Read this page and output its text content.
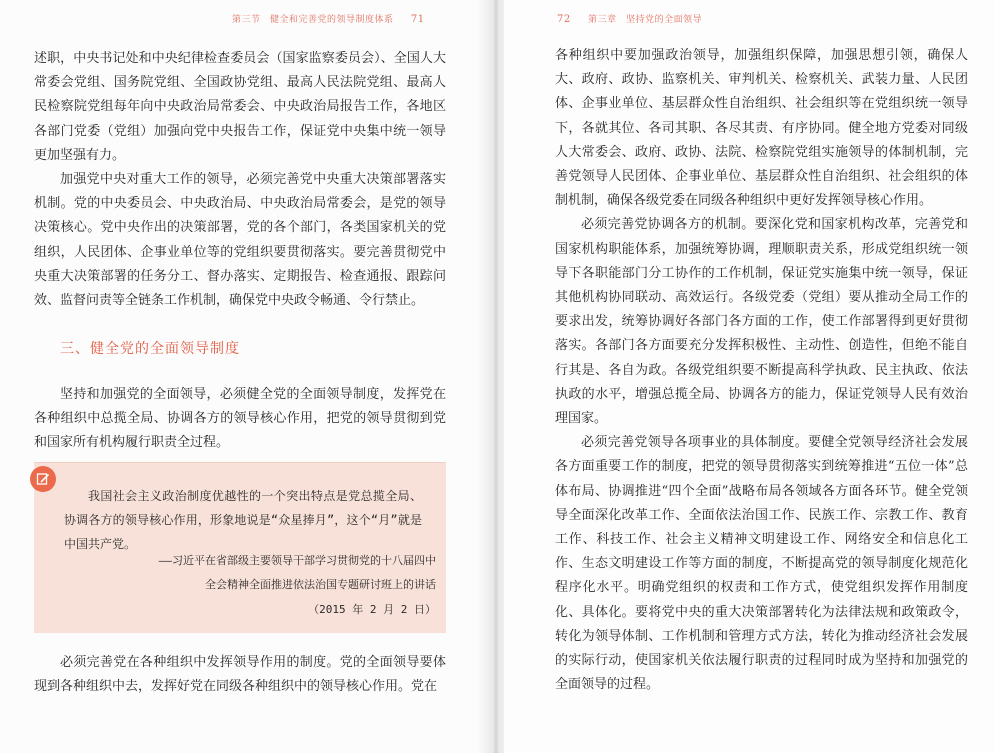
第三节　健全和完善党的领导制度体系 71

述职，中央书记处和中央纪律检查委员会（国家监察委员会）、全国人大常委会党组、国务院党组、全国政协党组、最高人民法院党组、最高人民检察院党组每年向中央政治局常委会、中央政治局报告工作，各地区各部门党委（党组）加强向党中央报告工作，保证党中央集中统一领导更加坚强有力。

加强党中央对重大工作的领导，必须完善党中央重大决策部署落实机制。党的中央委员会、中央政治局、中央政治局常委会，是党的领导决策核心。党中央作出的决策部署，党的各个部门，各类国家机关的党组织，人民团体、企事业单位等的党组织要贯彻落实。要完善贯彻党中央重大决策部署的任务分工、督办落实、定期报告、检查通报、跟踪问效、监督问责等全链条工作机制，确保党中央政令畅通、令行禁止。

三、健全党的全面领导制度

坚持和加强党的全面领导，必须健全党的全面领导制度，发挥党在各种组织中总揽全局、协调各方的领导核心作用，把党的领导贯彻到党和国家所有机构履行职责全过程。

我国社会主义政治制度优越性的一个突出特点是党总揽全局、协调各方的领导核心作用，形象地说是“众星捧月”，这个“月”就是中国共产党。
——习近平在省部级主要领导干部学习贯彻党的十八届四中
全会精神全面推进依法治国专题研讨班上的讲话
（2015 年 2 月 2 日）

必须完善党在各种组织中发挥领导作用的制度。党的全面领导要体现到各种组织中去，发挥好党在同级各种组织中的领导核心作用。党在

72 第三章　坚持党的全面领导

各种组织中要加强政治领导，加强组织保障，加强思想引领，确保人大、政府、政协、监察机关、审判机关、检察机关、武装力量、人民团体、企事业单位、基层群众性自治组织、社会组织等在党组织统一领导下，各就其位、各司其职、各尽其责、有序协同。健全地方党委对同级人大常委会、政府、政协、法院、检察院党组实施领导的体制机制，完善党领导人民团体、企事业单位、基层群众性自治组织、社会组织的体制机制，确保各级党委在同级各种组织中更好发挥领导核心作用。

必须完善党协调各方的机制。要深化党和国家机构改革，完善党和国家机构职能体系，加强统筹协调，理顺职责关系，形成党组织统一领导下各职能部门分工协作的工作机制，保证党实施集中统一领导，保证其他机构协同联动、高效运行。各级党委（党组）要从推动全局工作的要求出发，统筹协调好各部门各方面的工作，使工作部署得到更好贯彻落实。各部门各方面要充分发挥积极性、主动性、创造性，但绝不能自行其是、各自为政。各级党组织要不断提高科学执政、民主执政、依法执政的水平，增强总揽全局、协调各方的能力，保证党领导人民有效治理国家。

必须完善党领导各项事业的具体制度。要健全党领导经济社会发展各方面重要工作的制度，把党的领导贯彻落实到统筹推进“五位一体”总体布局、协调推进“四个全面”战略布局各领域各方面各环节。健全党领导全面深化改革工作、全面依法治国工作、民族工作、宗教工作、教育工作、科技工作、社会主义精神文明建设工作、网络安全和信息化工作、生态文明建设工作等方面的制度，不断提高党的领导制度化规范化程序化水平。明确党组织的权责和工作方式，使党组织发挥作用制度化、具体化。要将党中央的重大决策部署转化为法律法规和政策政令，转化为领导体制、工作机制和管理方式方法，转化为推动经济社会发展的实际行动，使国家机关依法履行职责的过程同时成为坚持和加强党的全面领导的过程。
